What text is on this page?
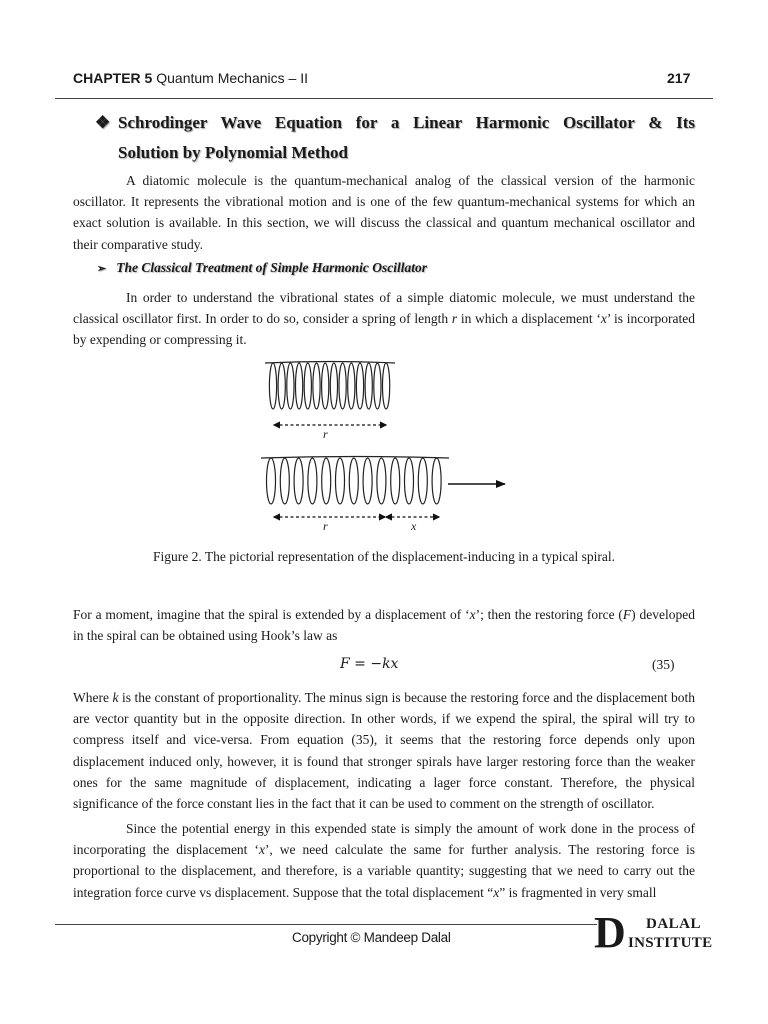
CHAPTER 5 Quantum Mechanics – II	217
❖ Schrodinger Wave Equation for a Linear Harmonic Oscillator & Its
Solution by Polynomial Method
A diatomic molecule is the quantum-mechanical analog of the classical version of the harmonic oscillator. It represents the vibrational motion and is one of the few quantum-mechanical systems for which an exact solution is available. In this section, we will discuss the classical and quantum mechanical oscillator and their comparative study.
➢ The Classical Treatment of Simple Harmonic Oscillator
In order to understand the vibrational states of a simple diatomic molecule, we must understand the classical oscillator first. In order to do so, consider a spring of length r in which a displacement ‘x’ is incorporated by expending or compressing it.
r
r	x
Figure 2. The pictorial representation of the displacement-inducing in a typical spiral.
For a moment, imagine that the spiral is extended by a displacement of ‘x’; then the restoring force (F) developed in the spiral can be obtained using Hook’s law as
F = −kx	(35)
Where k is the constant of proportionality. The minus sign is because the restoring force and the displacement both are vector quantity but in the opposite direction. In other words, if we expend the spiral, the spiral will try to compress itself and vice-versa. From equation (35), it seems that the restoring force depends only upon displacement induced only, however, it is found that stronger spirals have larger restoring force than the weaker ones for the same magnitude of displacement, indicating a lager force constant. Therefore, the physical significance of the force constant lies in the fact that it can be used to comment on the strength of oscillator.
Since the potential energy in this expended state is simply the amount of work done in the process of incorporating the displacement ‘x’, we need calculate the same for further analysis. The restoring force is proportional to the displacement, and therefore, is a variable quantity; suggesting that we need to carry out the integration force curve vs displacement. Suppose that the total displacement “x” is fragmented in very small
Copyright © Mandeep Dalal	D DALAL
INSTITUTE
